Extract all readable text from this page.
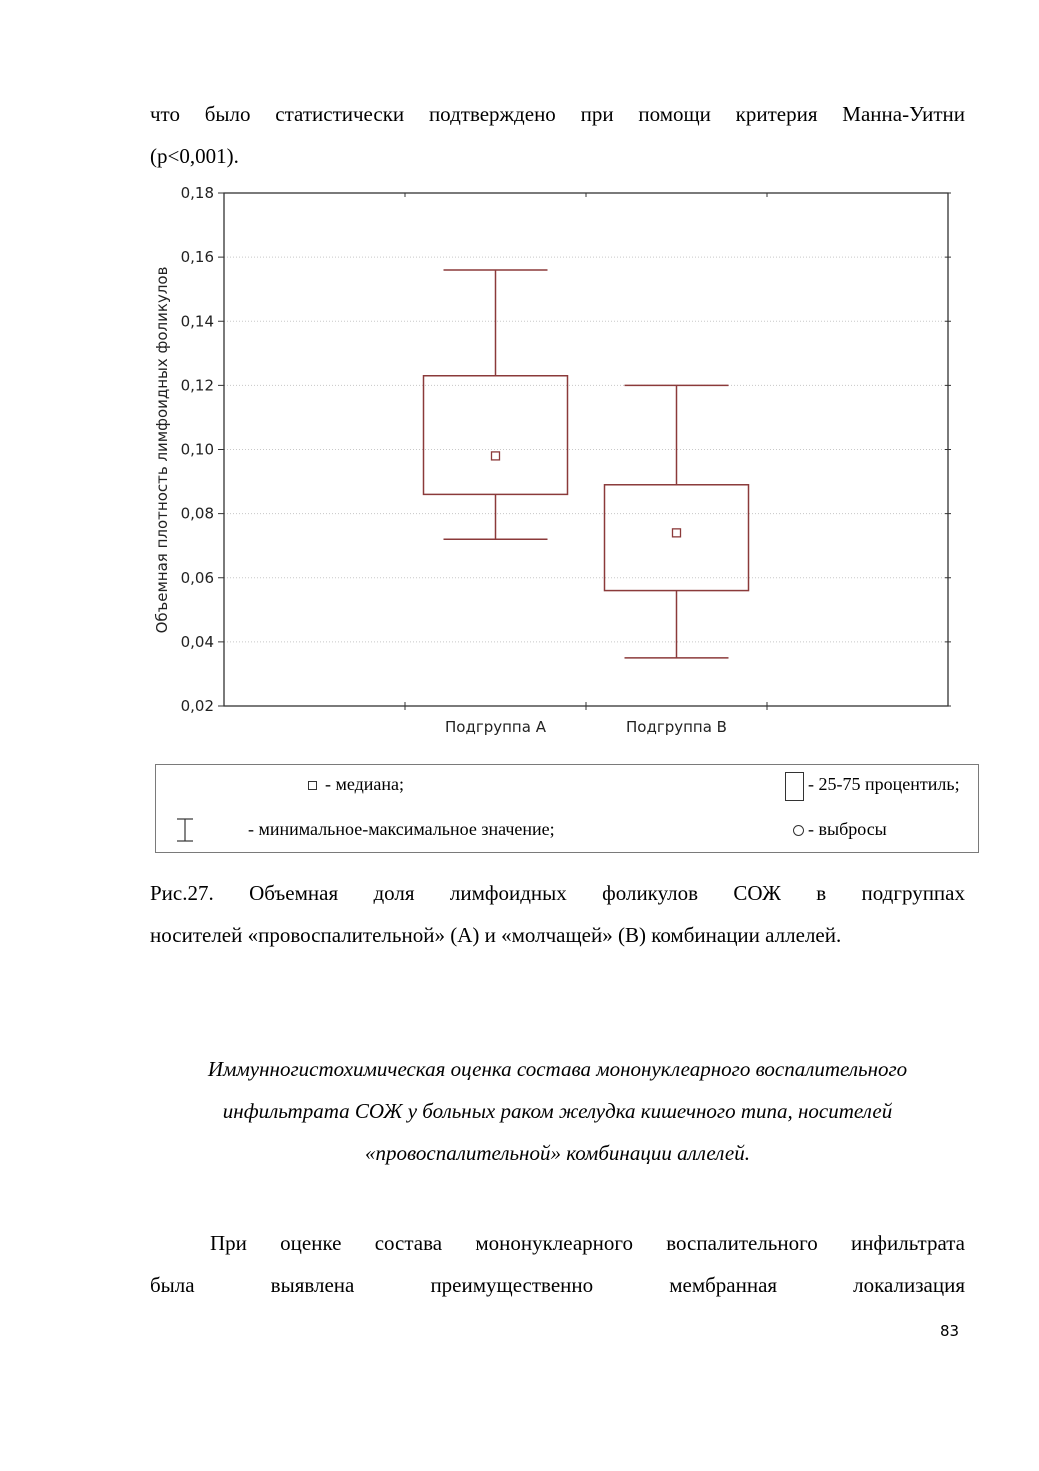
что было статистически подтверждено при помощи критерия Манна-Уитни
(p<0,001).
0,02
0,04
0,06
0,08
0,10
0,12
0,14
0,16
0,18
Подгруппа А	Подгруппа В
Объемная плотность лимфоидных фоликулов
- медиана;	- 25-75 процентиль;
- минимальное-максимальное значение;	- выбросы
Рис.27. Объемная доля лимфоидных фоликулов СОЖ в подгруппах
носителей «провоспалительной» (А) и «молчащей» (В) комбинации аллелей.
Иммунногистохимическая оценка состава мононуклеарного воспалительного
инфильтрата СОЖ у больных раком желудка кишечного типа, носителей
«провоспалительной» комбинации аллелей.
При оценке состава мононуклеарного воспалительного инфильтрата
была выявлена преимущественно мембранная локализация
83
